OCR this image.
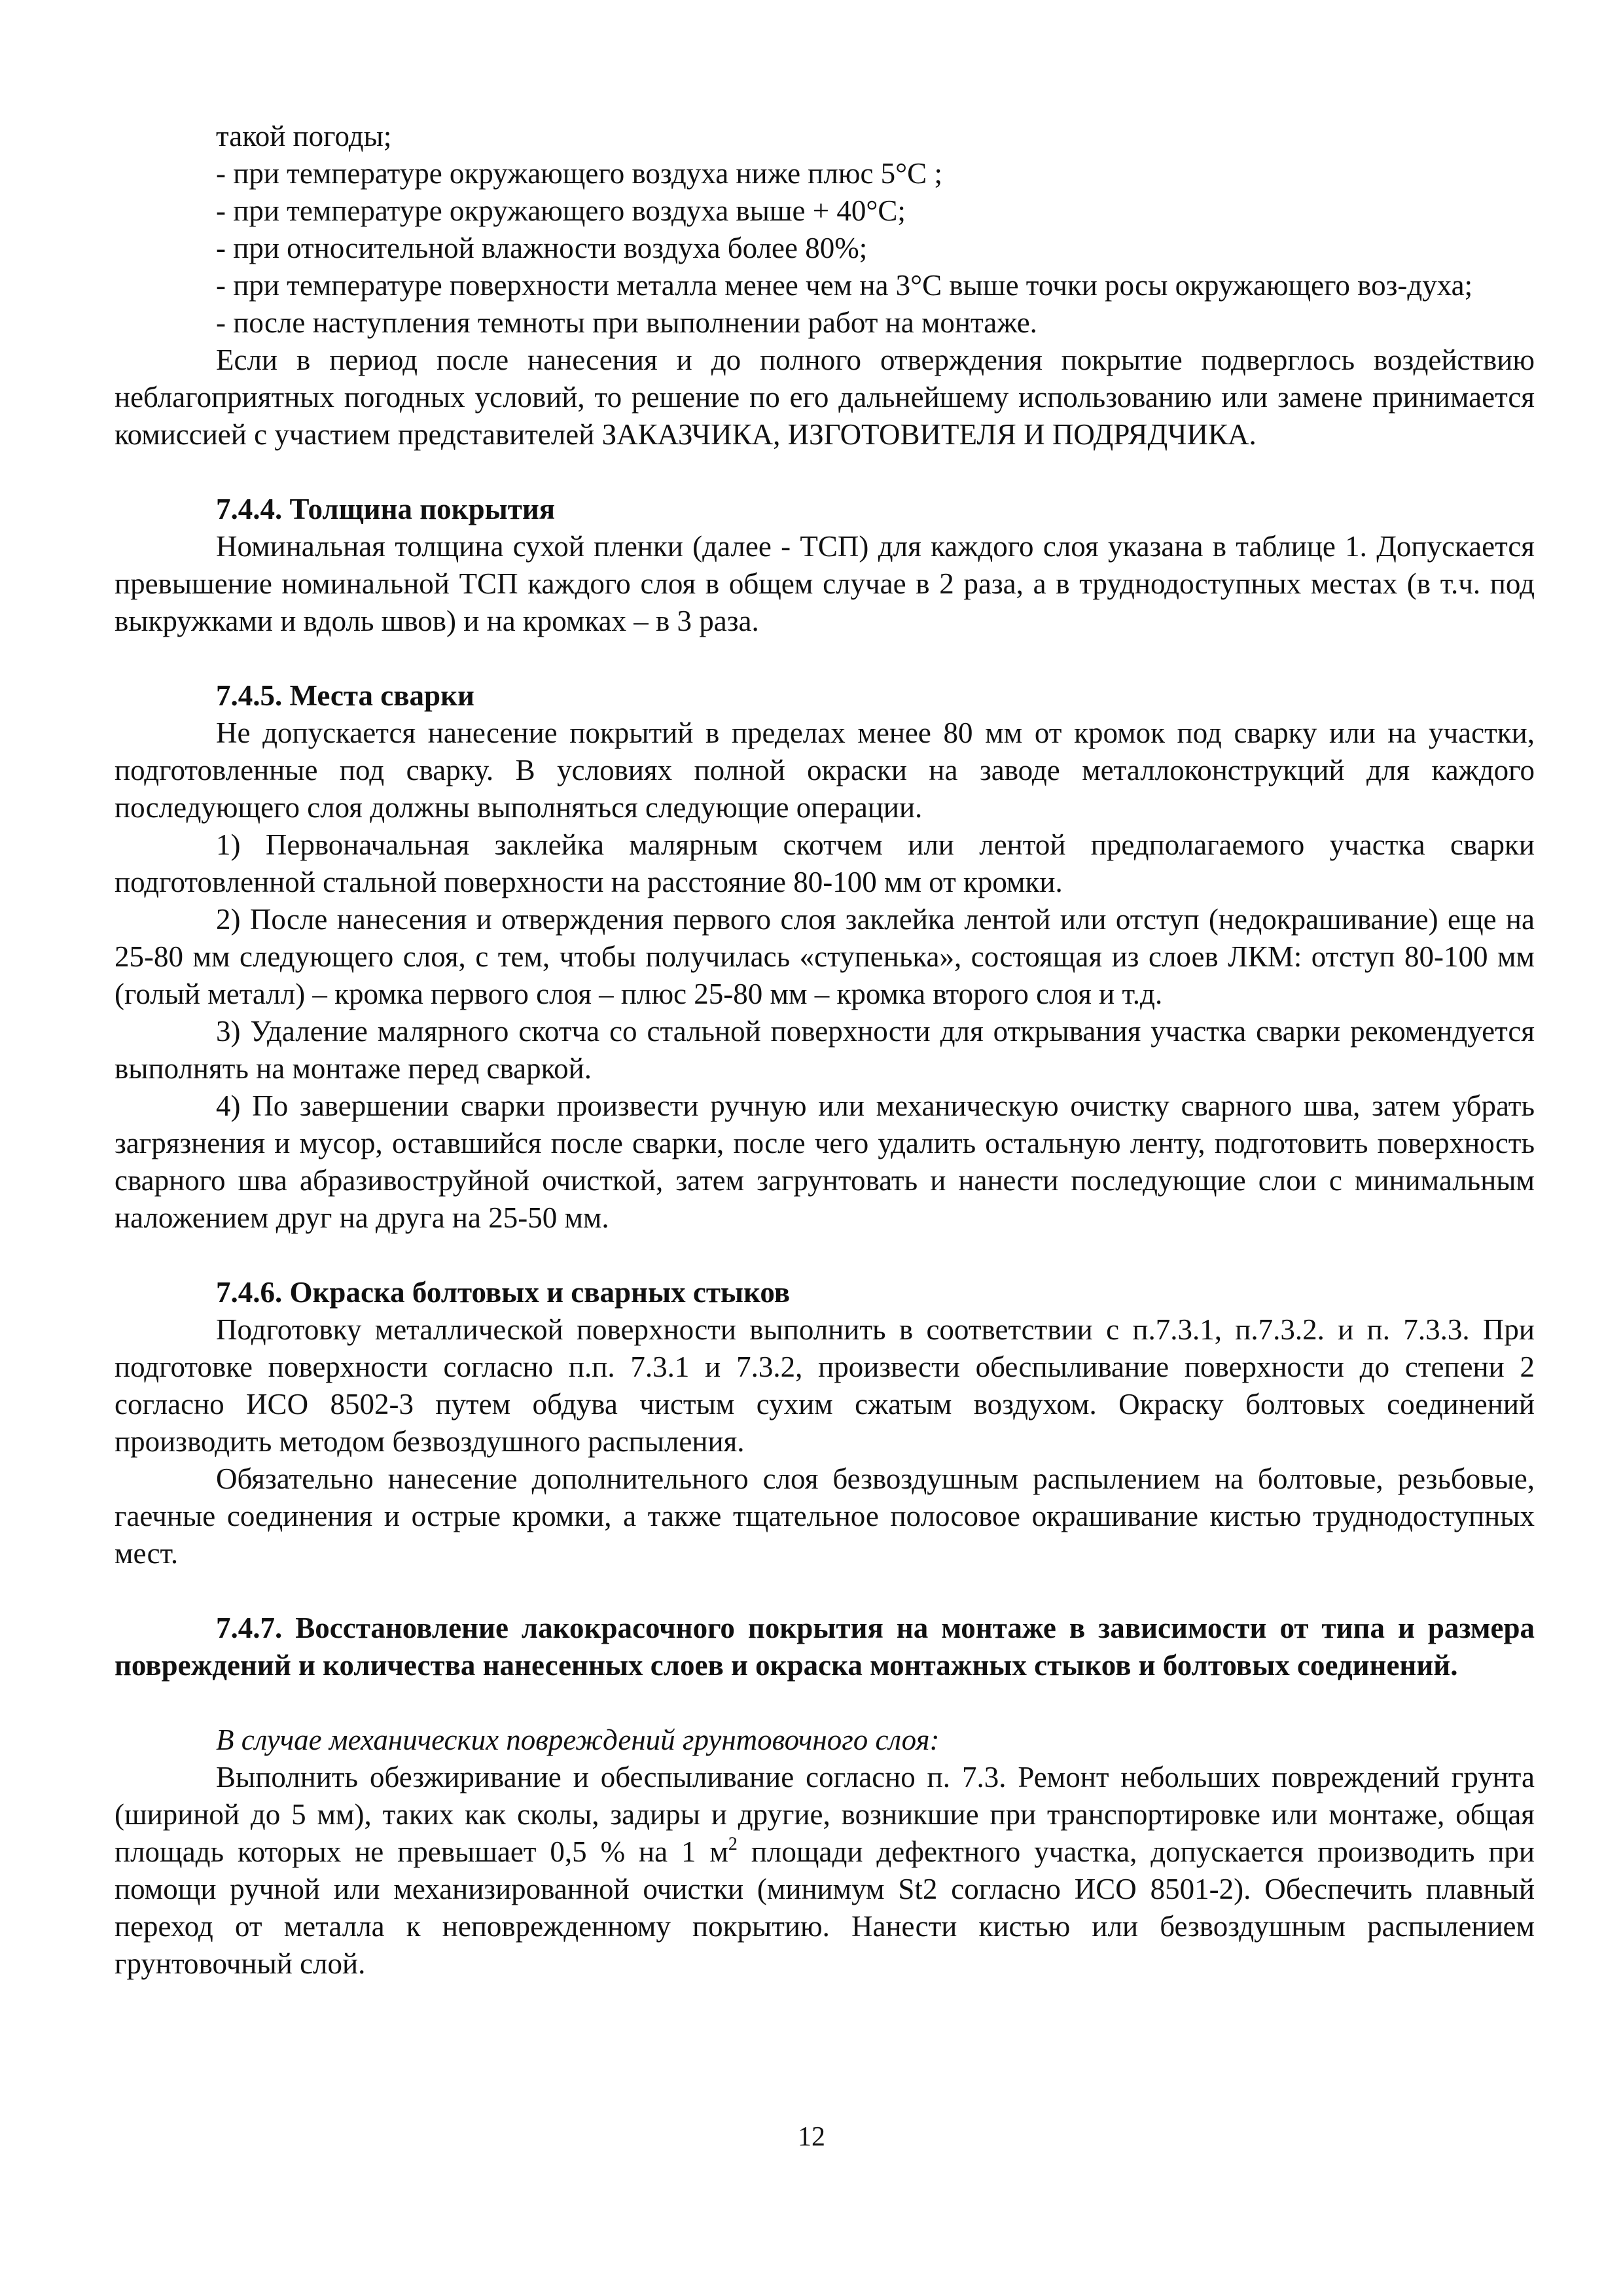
такой погоды;

- при температуре окружающего воздуха ниже плюс 5°С ;

- при температуре окружающего воздуха выше + 40°С;

- при относительной влажности воздуха более 80%;

- при температуре поверхности металла менее чем на 3°С выше точки росы окружающего воз-духа;

- после наступления темноты при выполнении работ на монтаже.

Если в период после нанесения и до полного отверждения покрытие подверглось воздействию неблагоприятных погодных условий, то решение по его дальнейшему использованию или замене принимается комиссией с участием представителей ЗАКАЗЧИКА, ИЗГОТОВИТЕЛЯ И ПОДРЯДЧИКА.

7.4.4. Толщина покрытия

Номинальная толщина сухой пленки (далее - ТСП) для каждого слоя указана в таблице 1. Допускается превышение номинальной ТСП каждого слоя в общем случае в 2 раза, а в труднодоступных местах (в т.ч. под выкружками и вдоль швов) и на кромках – в 3 раза.

7.4.5. Места сварки

Не допускается нанесение покрытий в пределах менее 80 мм от кромок под сварку или на участки, подготовленные под сварку. В условиях полной окраски на заводе металлоконструкций для каждого последующего слоя должны выполняться следующие операции.

1) Первоначальная заклейка малярным скотчем или лентой предполагаемого участка сварки подготовленной стальной поверхности на расстояние 80-100 мм от кромки.

2) После нанесения и отверждения первого слоя заклейка лентой или отступ (недокрашивание) еще на 25-80 мм следующего слоя, с тем, чтобы получилась «ступенька», состоящая из слоев ЛКМ: отступ 80-100 мм (голый металл) – кромка первого слоя – плюс 25-80 мм – кромка второго слоя и т.д.

3) Удаление малярного скотча со стальной поверхности для открывания участка сварки рекомендуется выполнять на монтаже перед сваркой.

4) По завершении сварки произвести ручную или механическую очистку сварного шва, затем убрать загрязнения и мусор, оставшийся после сварки, после чего удалить остальную ленту, подготовить поверхность сварного шва абразивоструйной очисткой, затем загрунтовать и нанести последующие слои с минимальным наложением друг на друга на 25-50 мм.

7.4.6. Окраска болтовых и сварных стыков

Подготовку металлической поверхности выполнить в соответствии с п.7.3.1, п.7.3.2. и п. 7.3.3. При подготовке поверхности согласно п.п. 7.3.1 и 7.3.2, произвести обеспыливание поверхности до степени 2 согласно ИСО 8502-3 путем обдува чистым сухим сжатым воздухом. Окраску болтовых соединений производить методом безвоздушного распыления.

Обязательно нанесение дополнительного слоя безвоздушным распылением на болтовые, резьбовые, гаечные соединения и острые кромки, а также тщательное полосовое окрашивание кистью труднодоступных мест.

7.4.7. Восстановление лакокрасочного покрытия на монтаже в зависимости от типа и размера повреждений и количества нанесенных слоев и окраска монтажных стыков и болтовых соединений.

В случае механических повреждений грунтовочного слоя:

Выполнить обезжиривание и обеспыливание согласно п. 7.3. Ремонт небольших повреждений грунта (шириной до 5 мм), таких как сколы, задиры и другие, возникшие при транспортировке или монтаже, общая площадь которых не превышает 0,5 % на 1 $м^2$ площади дефектного участка, допускается производить при помощи ручной или механизированной очистки (минимум St2 согласно ИСО 8501-2). Обеспечить плавный переход от металла к неповрежденному покрытию. Нанести кистью или безвоздушным распылением грунтовочный слой.

12
